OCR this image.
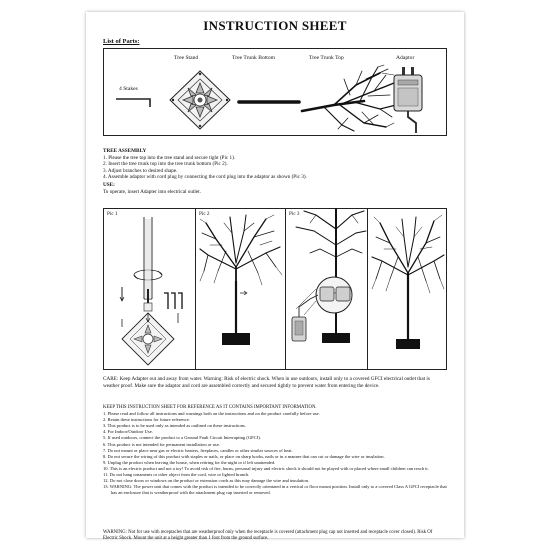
INSTRUCTION SHEET
List of Parts:
Tree Stand	Tree Trunk Bottom	Tree Trunk Top	Adaptor
4 Stakes
TREE ASSEMBLY
1. Please the tree top into the tree stand and secure tight (Pic 1).
2. Insert the tree trunk top into the tree trunk bottom (Pic 2).
3. Adjust branches to desired shape.
4. Assemble adaptor with cord plug by connecting the cord plug into the adaptor as shown (Pic 3).
USE:
To operate, insert Adapter into electrical outlet.
Pic 1	Pic 2	Pic 3
CARE: Keep Adapter out and away from water. Warning: Risk of electric shock. When in use outdoors, install only to a covered GFCI electrical outlet that is weather proof. Make sure the adaptor and cord are assembled correctly and secured tightly to prevent water from entering the device.
KEEP THIS INSTRUCTION SHEET FOR REFERENCE AS IT CONTAINS IMPORTANT INFORMATION.
1. Please read and follow all instructions and warnings both on the instructions and on the product carefully before use.
2. Retain these instructions for future reference.
3. This product is to be used only as intended as outlined on these instructions.
4. For Indoor/Outdoor Use.
5. If used outdoors, connect the product to a Ground Fault Circuit Interrupting (GFCI).
6. This product is not intended for permanent installation or use.
7. Do not mount or place near gas or electric heaters, fireplaces, candles or other similar sources of heat.
8. Do not secure the wiring of this product with staples or nails, or place on sharp hooks, nails or in a manner that can cut or damage the wire or insulation.
9. Unplug the product when leaving the house, when retiring for the night or if left unattended.
10. This is an electric product and not a toy! To avoid risk of fire, burns, personal injury and electric shock it should not be played with or placed where small children can reach it.
11. Do not hang ornaments or other object from the cord, wire or lighted branch.
12. Do not close doors or windows on the product or extension cords as this may damage the wire and insulation.
13. WARNING: The power unit that comes with the product is intended to be correctly orientated in a vertical or floor mount position. Install only to a covered Class A GFCI receptacle that has an enclosure that is weatherproof with the attachment plug cap inserted or removed.
WARNING: Not for use with receptacles that are weatherproof only when the receptacle is covered (attachment plug cap not inserted and receptacle cover closed). Risk Of Electric Shock. Mount the unit at a height greater than 1 foot from the ground surface.
